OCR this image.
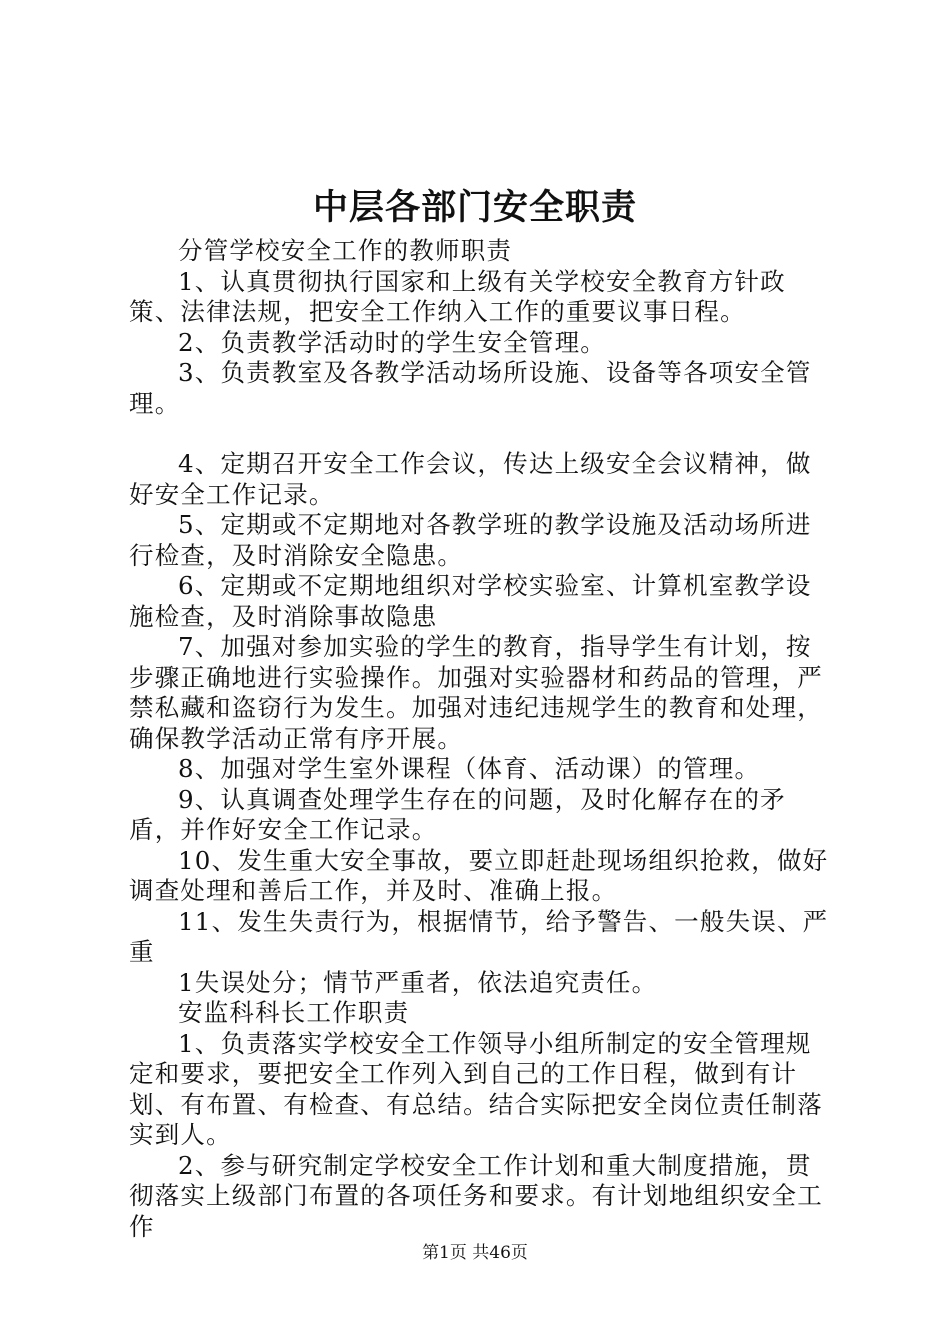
中层各部门安全职责

分管学校安全工作的教师职责

1、认真贯彻执行国家和上级有关学校安全教育方针政策、法律法规，把安全工作纳入工作的重要议事日程。

2、负责教学活动时的学生安全管理。

3、负责教室及各教学活动场所设施、设备等各项安全管理。

4、定期召开安全工作会议，传达上级安全会议精神，做好安全工作记录。

5、定期或不定期地对各教学班的教学设施及活动场所进行检查，及时消除安全隐患。

6、定期或不定期地组织对学校实验室、计算机室教学设施检查，及时消除事故隐患

7、加强对参加实验的学生的教育，指导学生有计划，按步骤正确地进行实验操作。加强对实验器材和药品的管理，严禁私藏和盗窃行为发生。加强对违纪违规学生的教育和处理，确保教学活动正常有序开展。

8、加强对学生室外课程（体育、活动课）的管理。

9、认真调查处理学生存在的问题，及时化解存在的矛盾，并作好安全工作记录。

10、发生重大安全事故，要立即赶赴现场组织抢救，做好调查处理和善后工作，并及时、准确上报。

11、发生失责行为，根据情节，给予警告、一般失误、严重

1失误处分；情节严重者，依法追究责任。

安监科科长工作职责

1、负责落实学校安全工作领导小组所制定的安全管理规定和要求，要把安全工作列入到自己的工作日程，做到有计划、有布置、有检查、有总结。结合实际把安全岗位责任制落实到人。

2、参与研究制定学校安全工作计划和重大制度措施，贯彻落实上级部门布置的各项任务和要求。有计划地组织安全工作

第1页 共46页
